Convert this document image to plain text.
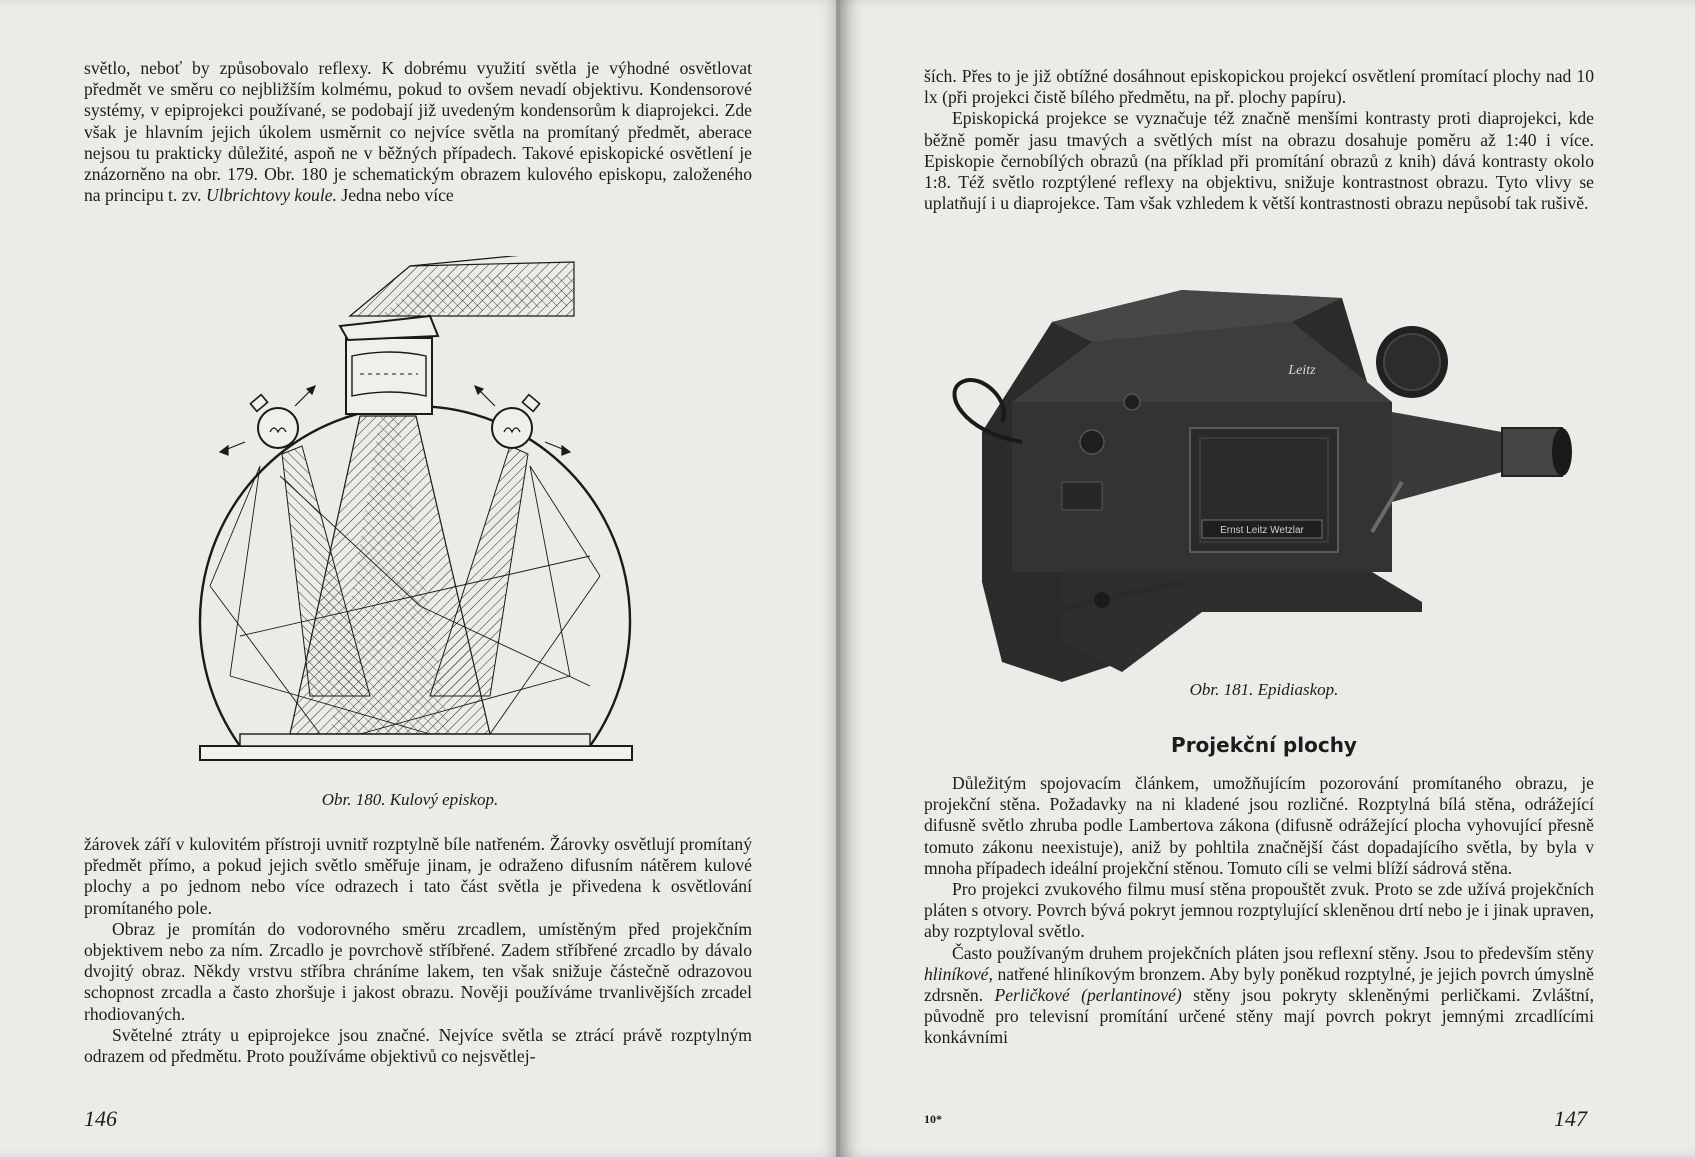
světlo, neboť by způsobovalo reflexy. K dobrému využití světla je výhodné osvětlovat předmět ve směru co nejbližším kolmému, pokud to ovšem nevadí objektivu. Kondensorové systémy, v epiprojekci používané, se podobají již uvedeným kondensorům k diaprojekci. Zde však je hlavním jejich úkolem usměrnit co nejvíce světla na promítaný předmět, aberace nejsou tu prakticky důležité, aspoň ne v běžných případech. Takové episkopické osvětlení je znázorněno na obr. 179. Obr. 180 je schematickým obrazem kulového episkopu, založeného na principu t. zv. Ulbrichtovy koule. Jedna nebo více

Obr. 180. Kulový episkop.

žárovek září v kulovitém přístroji uvnitř rozptylně bíle natřeném. Žárovky osvětlují promítaný předmět přímo, a pokud jejich světlo směřuje jinam, je odraženo difusním nátěrem kulové plochy a po jednom nebo více odrazech i tato část světla je přivedena k osvětlování promítaného pole.

Obraz je promítán do vodorovného směru zrcadlem, umístěným před projekčním objektivem nebo za ním. Zrcadlo je povrchově stříbřené. Zadem stříbřené zrcadlo by dávalo dvojitý obraz. Někdy vrstvu stříbra chráníme lakem, ten však snižuje částečně odrazovou schopnost zrcadla a často zhoršuje i jakost obrazu. Nověji používáme trvanlivějších zrcadel rhodiovaných.

Světelné ztráty u epiprojekce jsou značné. Nejvíce světla se ztrácí právě rozptylným odrazem od předmětu. Proto používáme objektivů co nejsvětlej-

146

ších. Přes to je již obtížné dosáhnout episkopickou projekcí osvětlení promítací plochy nad 10 lx (při projekci čistě bílého předmětu, na př. plochy papíru).

Episkopická projekce se vyznačuje též značně menšími kontrasty proti diaprojekci, kde běžně poměr jasu tmavých a světlých míst na obrazu dosahuje poměru až 1:40 i více. Episkopie černobílých obrazů (na příklad při promítání obrazů z knih) dává kontrasty okolo 1:8. Též světlo rozptýlené reflexy na objektivu, snižuje kontrastnost obrazu. Tyto vlivy se uplatňují i u diaprojekce. Tam však vzhledem k větší kontrastnosti obrazu nepůsobí tak rušivě.

Ernst Leitz Wetzlar
Leitz
Obr. 181. Epidiaskop.
Projekční plochy

Důležitým spojovacím článkem, umožňujícím pozorování promítaného obrazu, je projekční stěna. Požadavky na ni kladené jsou rozličné. Rozptylná bílá stěna, odrážející difusně světlo zhruba podle Lambertova zákona (difusně odrážející plocha vyhovující přesně tomuto zákonu neexistuje), aniž by pohltila značnější část dopadajícího světla, by byla v mnoha případech ideální projekční stěnou. Tomuto cíli se velmi blíží sádrová stěna.

Pro projekci zvukového filmu musí stěna propouštět zvuk. Proto se zde užívá projekčních pláten s otvory. Povrch bývá pokryt jemnou rozptylující skleněnou drtí nebo je i jinak upraven, aby rozptyloval světlo.

Často používaným druhem projekčních pláten jsou reflexní stěny. Jsou to především stěny hliníkové, natřené hliníkovým bronzem. Aby byly poněkud rozptylné, je jejich povrch úmyslně zdrsněn. Perličkové (perlantinové) stěny jsou pokryty skleněnými perličkami. Zvláštní, původně pro televisní promítání určené stěny mají povrch pokryt jemnými zrcadlícími konkávními

10*	147
